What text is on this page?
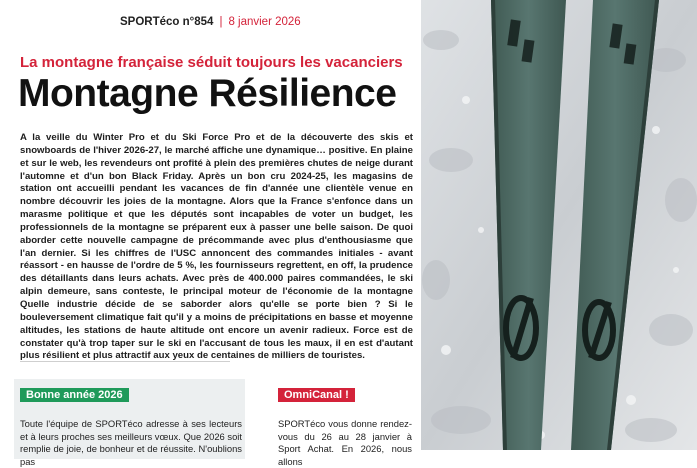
SPORTéco n°854 | 8 janvier 2026
La montagne française séduit toujours les vacanciers
Montagne Résilience

A la veille du Winter Pro et du Ski Force Pro et de la découverte des skis et snowboards de l'hiver 2026-27, le marché affiche une dynamique… positive. En plaine et sur le web, les revendeurs ont profité à plein des premières chutes de neige durant l'automne et d'un bon Black Friday. Après un bon cru 2024-25, les magasins de station ont accueilli pendant les vacances de fin d'année une clientèle venue en nombre découvrir les joies de la montagne. Alors que la France s'enfonce dans un marasme politique et que les députés sont incapables de voter un budget, les professionnels de la montagne se préparent eux à passer une belle saison. De quoi aborder cette nouvelle campagne de précommande avec plus d'enthousiasme que l'an dernier. Si les chiffres de l'USC annoncent des commandes initiales - avant réassort - en hausse de l'ordre de 5 %, les fournisseurs regrettent, en off, la prudence des détaillants dans leurs achats. Avec près de 400.000 paires commandées, le ski alpin demeure, sans conteste, le principal moteur de l'économie de la montagne Quelle industrie décide de se saborder alors qu'elle se porte bien ? Si le bouleversement climatique fait qu'il y a moins de précipitations en basse et moyenne altitudes, les stations de haute altitude ont encore un avenir radieux. Force est de constater qu'à trop taper sur le ski en l'accusant de tous les maux, il en est d'autant plus résilient et plus attractif aux yeux de centaines de milliers de touristes.

Bonne année 2026

Toute l'équipe de SPORTéco adresse à ses lecteurs et à leurs proches ses meilleurs vœux. Que 2026 soit remplie de joie, de bonheur et de réussite. N'oublions pas

OmniCanal !

SPORTéco vous donne rendez-vous du 26 au 28 janvier à Sport Achat. En 2026, nous allons
